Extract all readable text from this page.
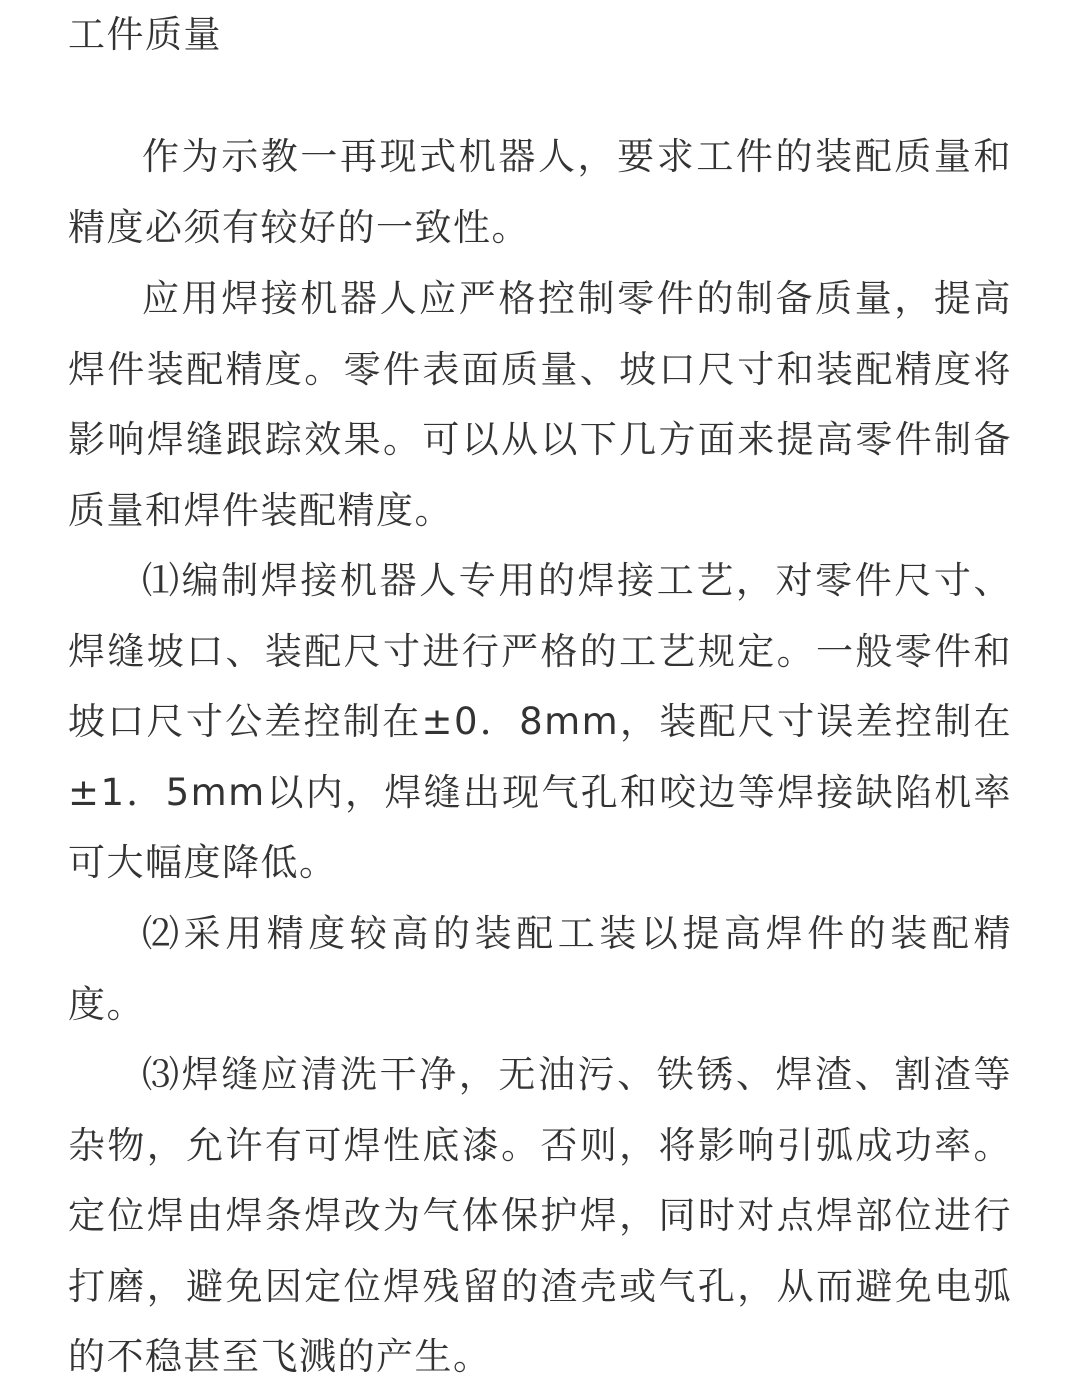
工件质量

作为示教一再现式机器人，要求工件的装配质量和精度必须有较好的一致性。

应用焊接机器人应严格控制零件的制备质量，提高焊件装配精度。零件表面质量、坡口尺寸和装配精度将影响焊缝跟踪效果。可以从以下几方面来提高零件制备质量和焊件装配精度。

⑴编制焊接机器人专用的焊接工艺，对零件尺寸、焊缝坡口、装配尺寸进行严格的工艺规定。一般零件和坡口尺寸公差控制在±0．8mm，装配尺寸误差控制在±1．5mm以内，焊缝出现气孔和咬边等焊接缺陷机率可大幅度降低。

⑵采用精度较高的装配工装以提高焊件的装配精度。

⑶焊缝应清洗干净，无油污、铁锈、焊渣、割渣等杂物，允许有可焊性底漆。否则，将影响引弧成功率。定位焊由焊条焊改为气体保护焊，同时对点焊部位进行打磨，避免因定位焊残留的渣壳或气孔，从而避免电弧的不稳甚至飞溅的产生。
